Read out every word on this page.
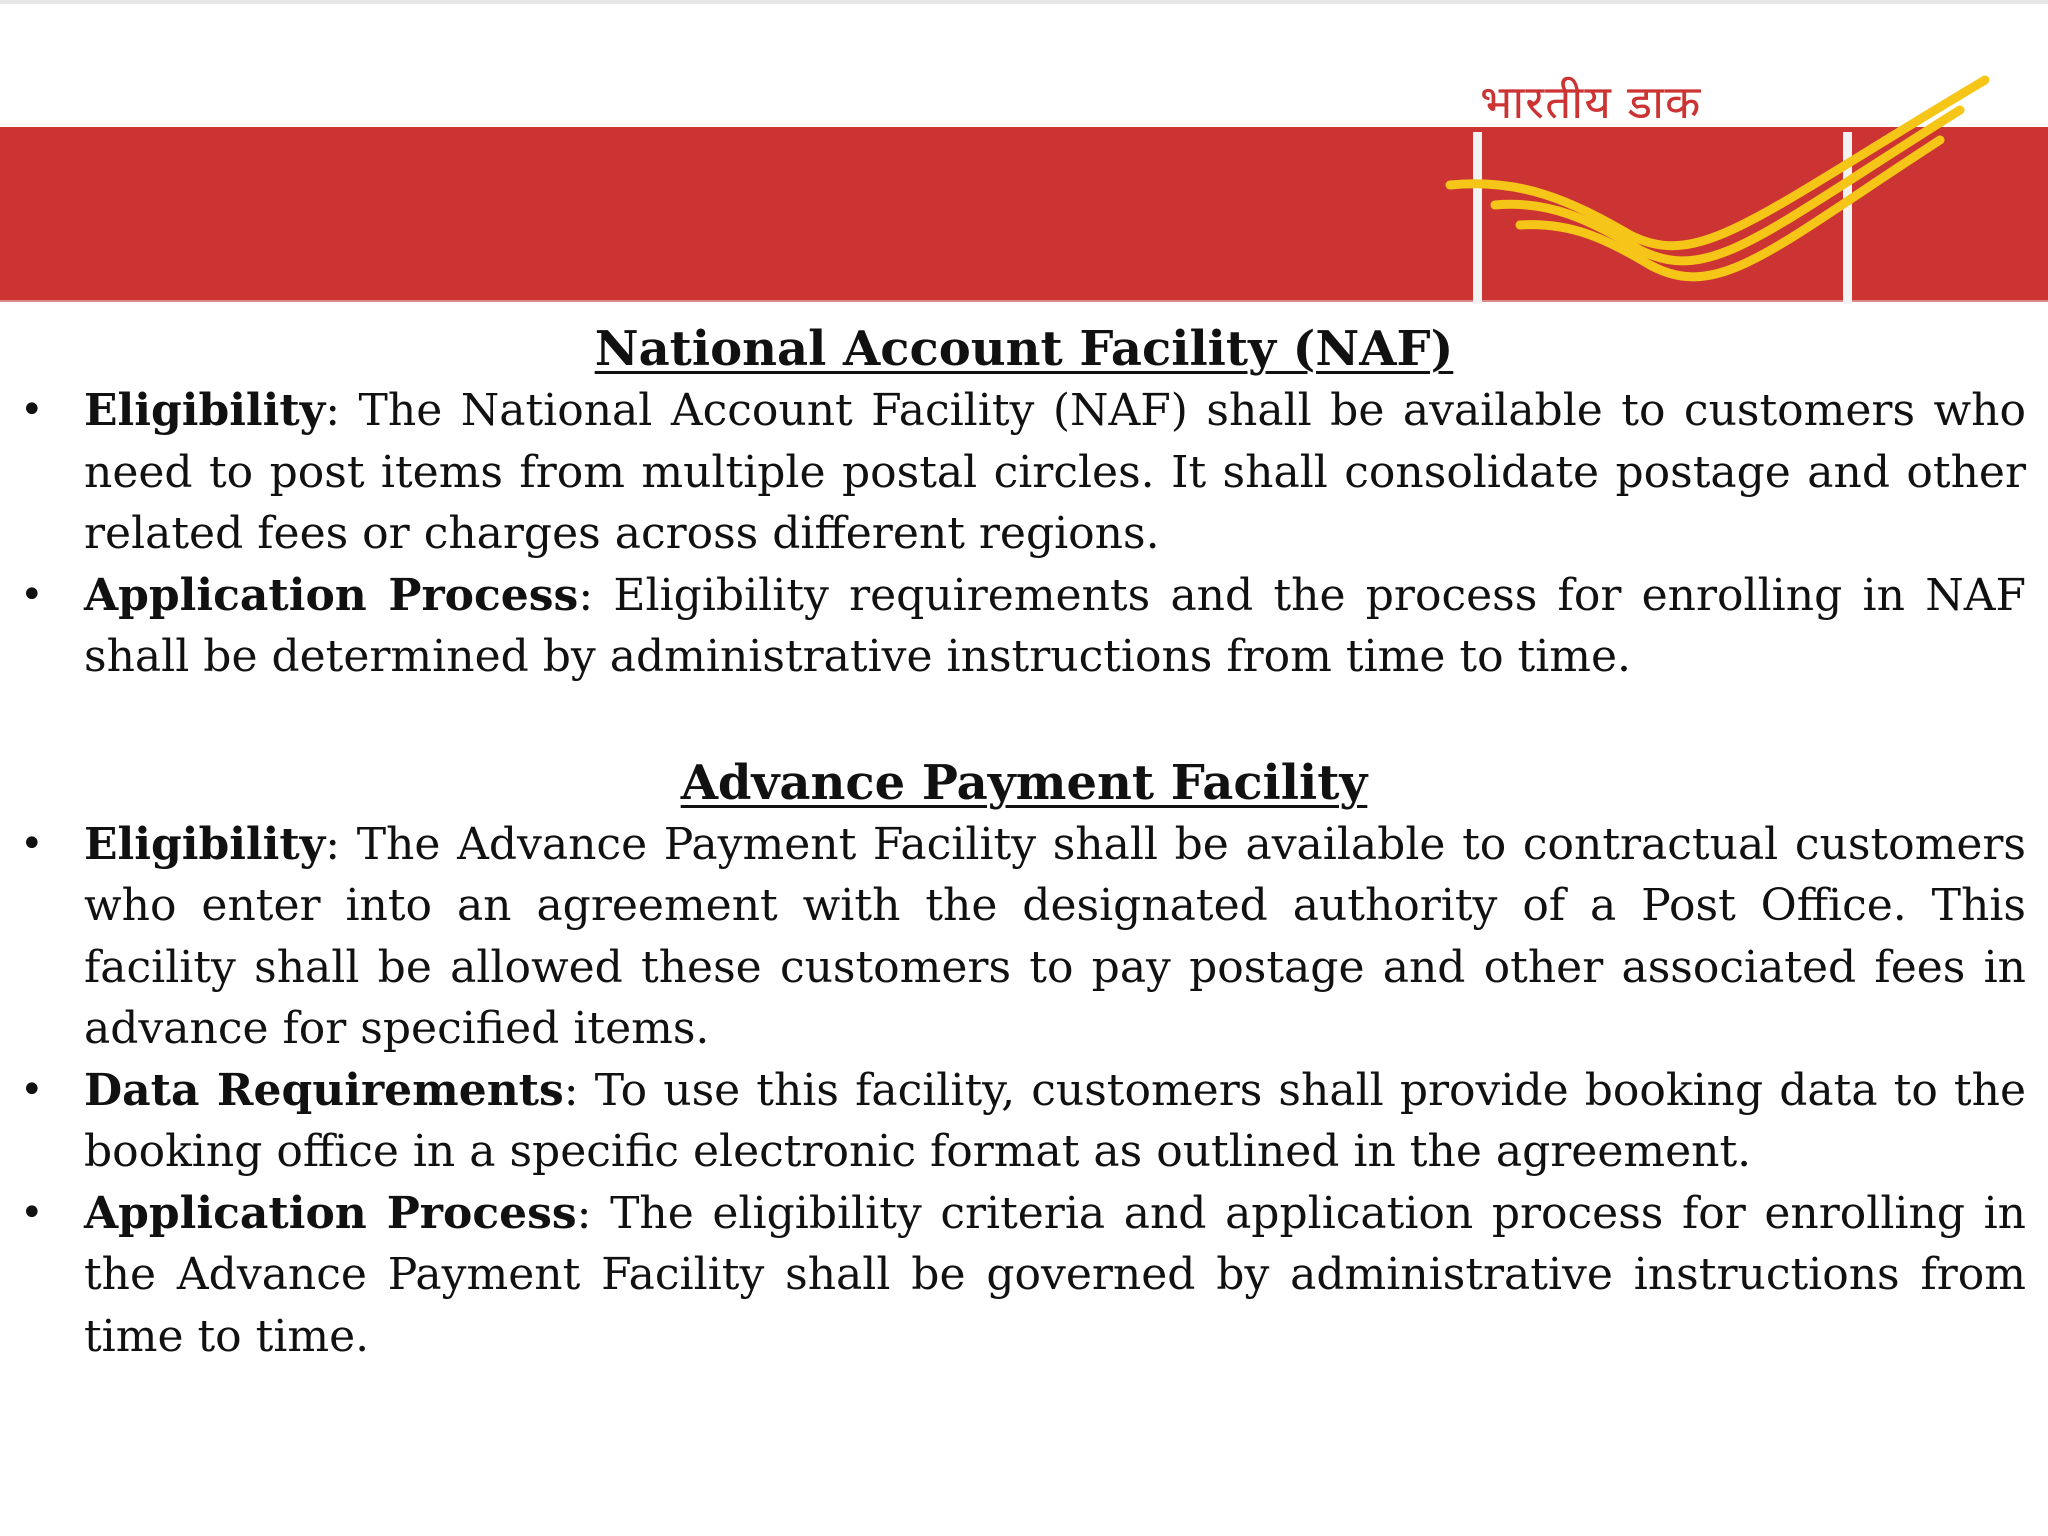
भारतीय डाक
National Account Facility (NAF)
• Eligibility: The National Account Facility (NAF) shall be available to customers who need to post items from multiple postal circles. It shall consolidate postage and other related fees or charges across different regions.
• Application Process: Eligibility requirements and the process for enrolling in NAF shall be determined by administrative instructions from time to time.
Advance Payment Facility
• Eligibility: The Advance Payment Facility shall be available to contractual customers who enter into an agreement with the designated authority of a Post Office. This facility shall be allowed these customers to pay postage and other associated fees in advance for specified items.
• Data Requirements: To use this facility, customers shall provide booking data to the booking office in a specific electronic format as outlined in the agreement.
• Application Process: The eligibility criteria and application process for enrolling in the Advance Payment Facility shall be governed by administrative instructions from time to time.
